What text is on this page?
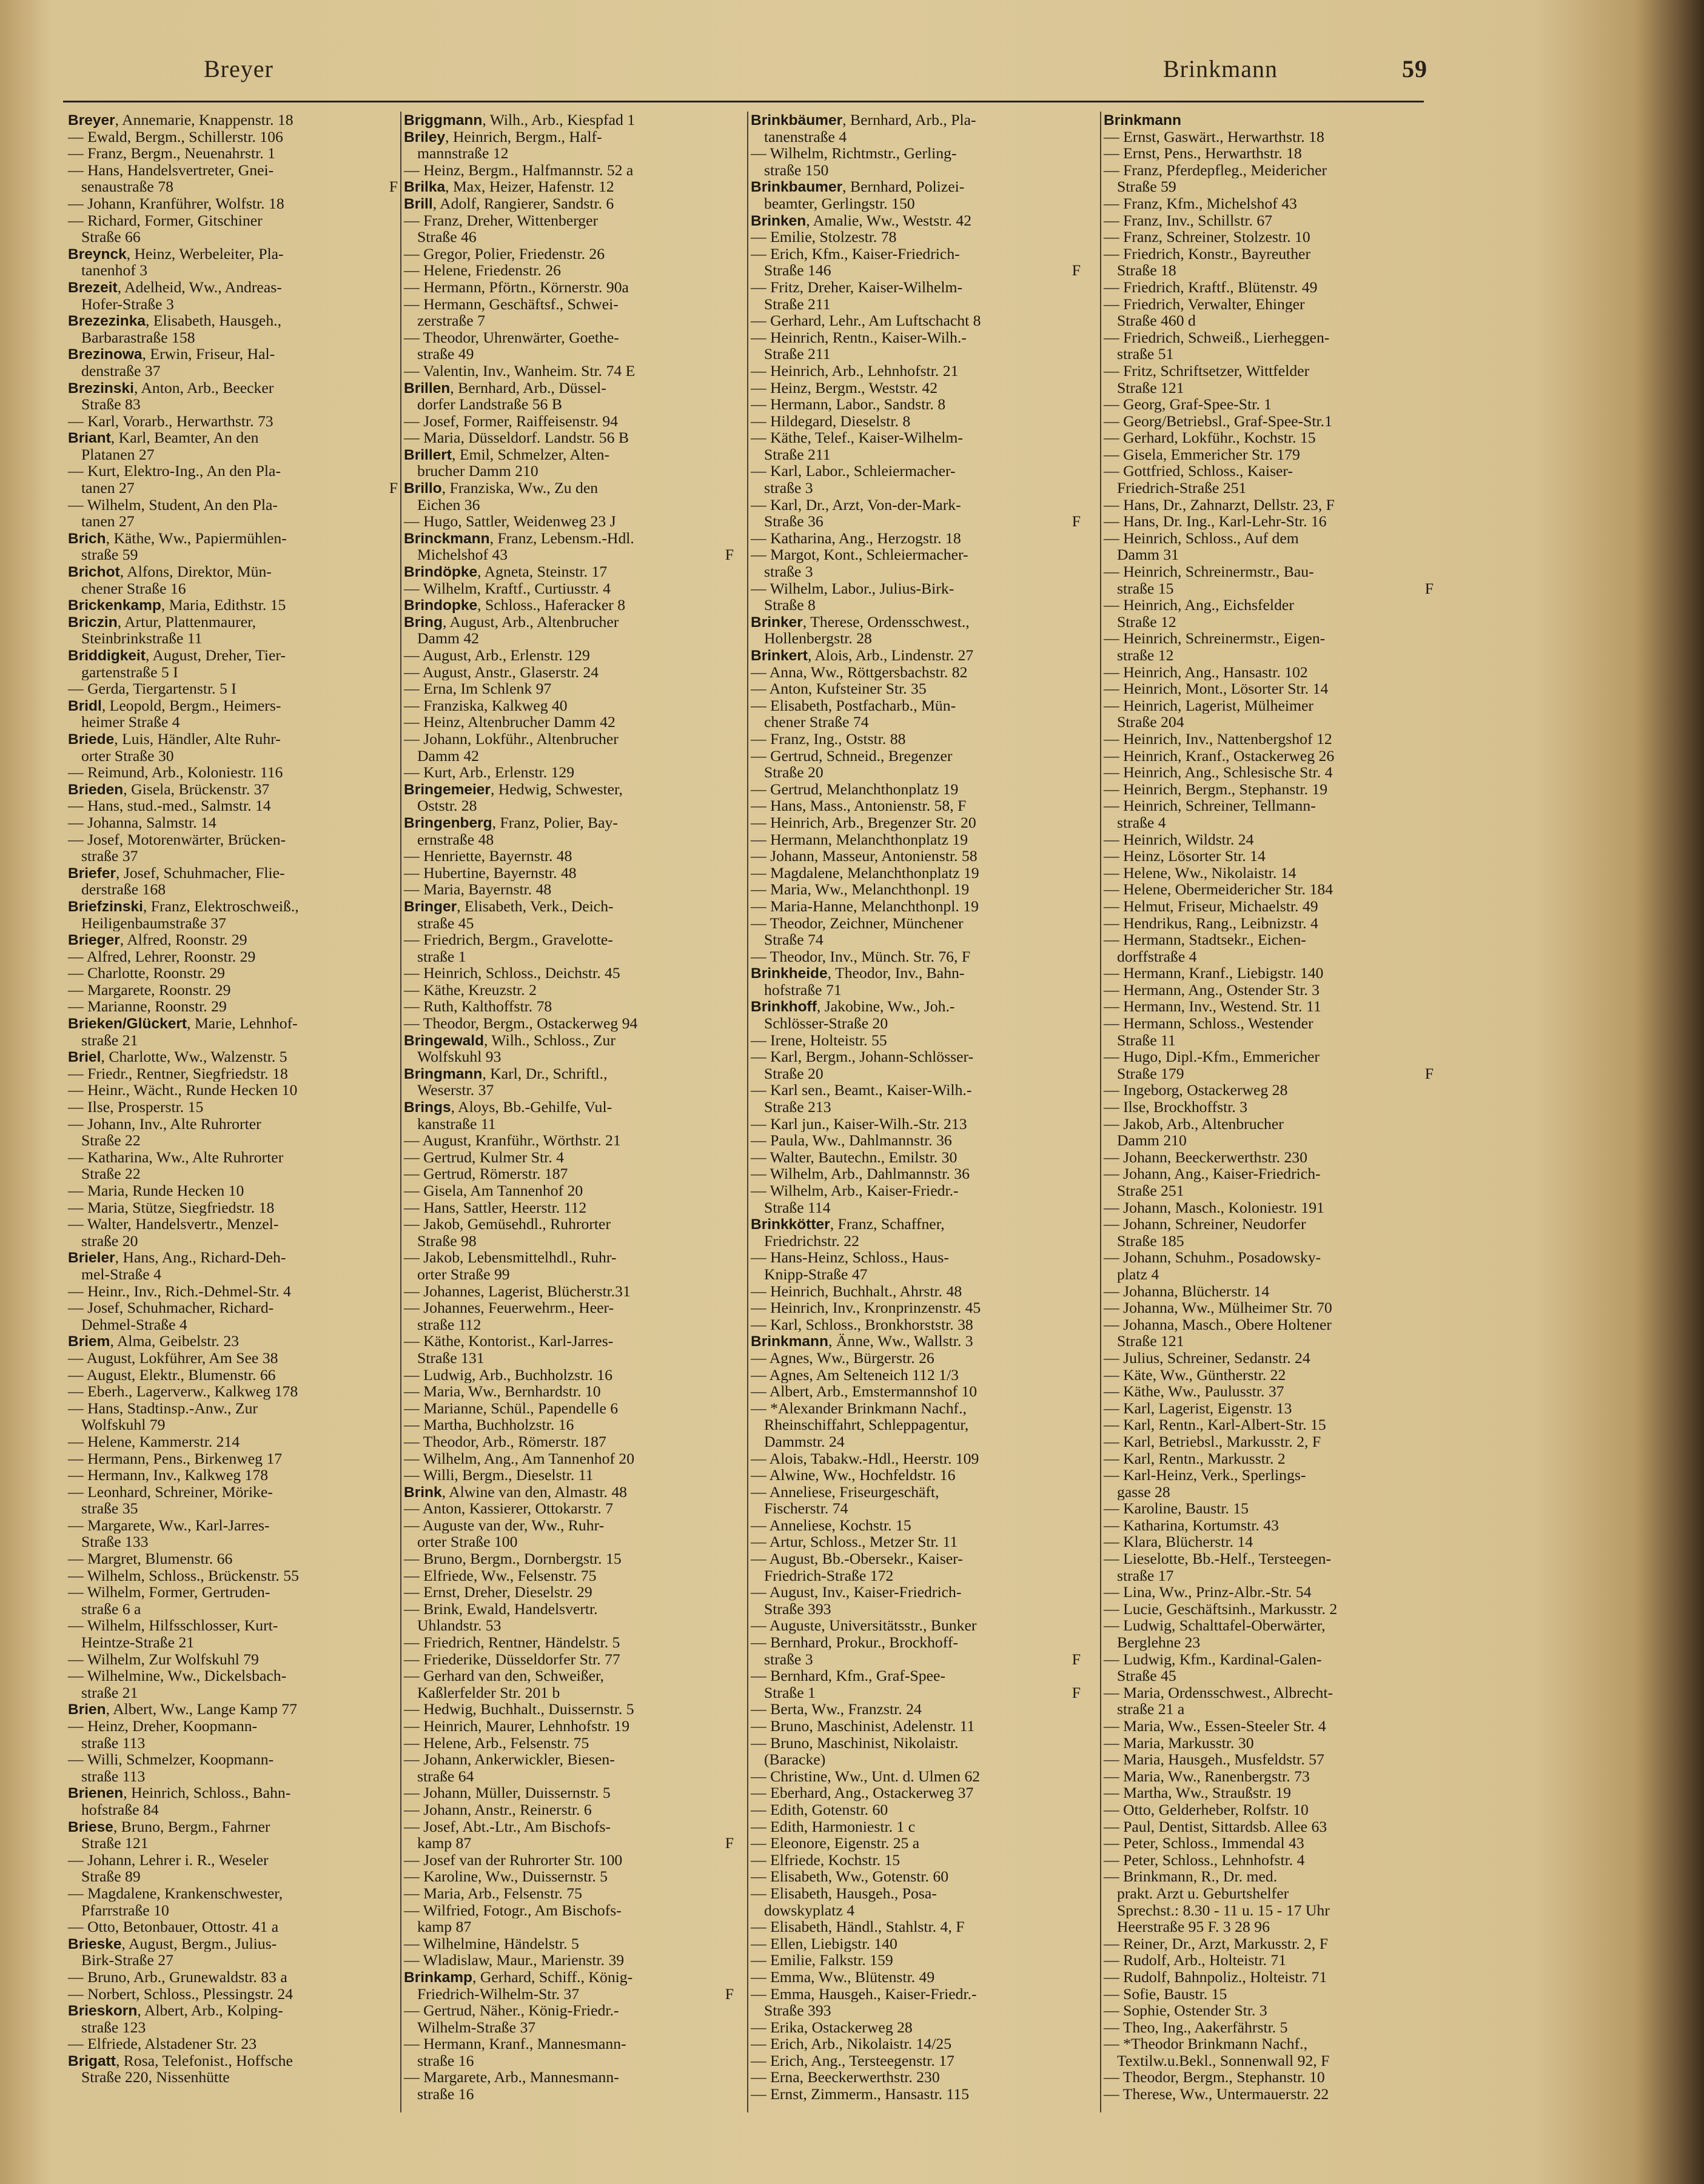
Breyer	Brinkmann	59
Breyer, Annemarie, Knappenstr. 18
— Ewald, Bergm., Schillerstr. 106
— Franz, Bergm., Neuenahrstr. 1
— Hans, Handelsvertreter, Gnei-
senaustraße 78	F
— Johann, Kranführer, Wolfstr. 18
— Richard, Former, Gitschiner
Straße 66
Breynck, Heinz, Werbeleiter, Pla-
tanenhof 3
Brezeit, Adelheid, Ww., Andreas-
Hofer-Straße 3
Brezezinka, Elisabeth, Hausgeh.,
Barbarastraße 158
Brezinowa, Erwin, Friseur, Hal-
denstraße 37
Brezinski, Anton, Arb., Beecker
Straße 83
— Karl, Vorarb., Herwarthstr. 73
Briant, Karl, Beamter, An den
Platanen 27
— Kurt, Elektro-Ing., An den Pla-
tanen 27	F
— Wilhelm, Student, An den Pla-
tanen 27
Brich, Käthe, Ww., Papiermühlen-
straße 59
Brichot, Alfons, Direktor, Mün-
chener Straße 16
Brickenkamp, Maria, Edithstr. 15
Briczin, Artur, Plattenmaurer,
Steinbrinkstraße 11
Briddigkeit, August, Dreher, Tier-
gartenstraße 5 I
— Gerda, Tiergartenstr. 5 I
Bridl, Leopold, Bergm., Heimers-
heimer Straße 4
Briede, Luis, Händler, Alte Ruhr-
orter Straße 30
— Reimund, Arb., Koloniestr. 116
Brieden, Gisela, Brückenstr. 37
— Hans, stud.-med., Salmstr. 14
— Johanna, Salmstr. 14
— Josef, Motorenwärter, Brücken-
straße 37
Briefer, Josef, Schuhmacher, Flie-
derstraße 168
Briefzinski, Franz, Elektroschweiß.,
Heiligenbaumstraße 37
Brieger, Alfred, Roonstr. 29
— Alfred, Lehrer, Roonstr. 29
— Charlotte, Roonstr. 29
— Margarete, Roonstr. 29
— Marianne, Roonstr. 29
Brieken/Glückert, Marie, Lehnhof-
straße 21
Briel, Charlotte, Ww., Walzenstr. 5
— Friedr., Rentner, Siegfriedstr. 18
— Heinr., Wächt., Runde Hecken 10
— Ilse, Prosperstr. 15
— Johann, Inv., Alte Ruhrorter
Straße 22
— Katharina, Ww., Alte Ruhrorter
Straße 22
— Maria, Runde Hecken 10
— Maria, Stütze, Siegfriedstr. 18
— Walter, Handelsvertr., Menzel-
straße 20
Brieler, Hans, Ang., Richard-Deh-
mel-Straße 4
— Heinr., Inv., Rich.-Dehmel-Str. 4
— Josef, Schuhmacher, Richard-
Dehmel-Straße 4
Briem, Alma, Geibelstr. 23
— August, Lokführer, Am See 38
— August, Elektr., Blumenstr. 66
— Eberh., Lagerverw., Kalkweg 178
— Hans, Stadtinsp.-Anw., Zur
Wolfskuhl 79
— Helene, Kammerstr. 214
— Hermann, Pens., Birkenweg 17
— Hermann, Inv., Kalkweg 178
— Leonhard, Schreiner, Mörike-
straße 35
— Margarete, Ww., Karl-Jarres-
Straße 133
— Margret, Blumenstr. 66
— Wilhelm, Schloss., Brückenstr. 55
— Wilhelm, Former, Gertruden-
straße 6 a
— Wilhelm, Hilfsschlosser, Kurt-
Heintze-Straße 21
— Wilhelm, Zur Wolfskuhl 79
— Wilhelmine, Ww., Dickelsbach-
straße 21
Brien, Albert, Ww., Lange Kamp 77
— Heinz, Dreher, Koopmann-
straße 113
— Willi, Schmelzer, Koopmann-
straße 113
Brienen, Heinrich, Schloss., Bahn-
hofstraße 84
Briese, Bruno, Bergm., Fahrner
Straße 121
— Johann, Lehrer i. R., Weseler
Straße 89
— Magdalene, Krankenschwester,
Pfarrstraße 10
— Otto, Betonbauer, Ottostr. 41 a
Brieske, August, Bergm., Julius-
Birk-Straße 27
— Bruno, Arb., Grunewaldstr. 83 a
— Norbert, Schloss., Plessingstr. 24
Brieskorn, Albert, Arb., Kolping-
straße 123
— Elfriede, Alstadener Str. 23
Brigatt, Rosa, Telefonist., Hoffsche
Straße 220, Nissenhütte
Briggmann, Wilh., Arb., Kiespfad 1
Briley, Heinrich, Bergm., Half-
mannstraße 12
— Heinz, Bergm., Halfmannstr. 52 a
Brilka, Max, Heizer, Hafenstr. 12
Brill, Adolf, Rangierer, Sandstr. 6
— Franz, Dreher, Wittenberger
Straße 46
— Gregor, Polier, Friedenstr. 26
— Helene, Friedenstr. 26
— Hermann, Pförtn., Körnerstr. 90a
— Hermann, Geschäftsf., Schwei-
zerstraße 7
— Theodor, Uhrenwärter, Goethe-
straße 49
— Valentin, Inv., Wanheim. Str. 74 E
Brillen, Bernhard, Arb., Düssel-
dorfer Landstraße 56 B
— Josef, Former, Raiffeisenstr. 94
— Maria, Düsseldorf. Landstr. 56 B
Brillert, Emil, Schmelzer, Alten-
brucher Damm 210
Brillo, Franziska, Ww., Zu den
Eichen 36
— Hugo, Sattler, Weidenweg 23 J
Brinckmann, Franz, Lebensm.-Hdl.
Michelshof 43	F
Brindöpke, Agneta, Steinstr. 17
— Wilhelm, Kraftf., Curtiusstr. 4
Brindopke, Schloss., Haferacker 8
Bring, August, Arb., Altenbrucher
Damm 42
— August, Arb., Erlenstr. 129
— August, Anstr., Glaserstr. 24
— Erna, Im Schlenk 97
— Franziska, Kalkweg 40
— Heinz, Altenbrucher Damm 42
— Johann, Lokführ., Altenbrucher
Damm 42
— Kurt, Arb., Erlenstr. 129
Bringemeier, Hedwig, Schwester,
Oststr. 28
Bringenberg, Franz, Polier, Bay-
ernstraße 48
— Henriette, Bayernstr. 48
— Hubertine, Bayernstr. 48
— Maria, Bayernstr. 48
Bringer, Elisabeth, Verk., Deich-
straße 45
— Friedrich, Bergm., Gravelotte-
straße 1
— Heinrich, Schloss., Deichstr. 45
— Käthe, Kreuzstr. 2
— Ruth, Kalthoffstr. 78
— Theodor, Bergm., Ostackerweg 94
Bringewald, Wilh., Schloss., Zur
Wolfskuhl 93
Bringmann, Karl, Dr., Schriftl.,
Weserstr. 37
Brings, Aloys, Bb.-Gehilfe, Vul-
kanstraße 11
— August, Kranführ., Wörthstr. 21
— Gertrud, Kulmer Str. 4
— Gertrud, Römerstr. 187
— Gisela, Am Tannenhof 20
— Hans, Sattler, Heerstr. 112
— Jakob, Gemüsehdl., Ruhrorter
Straße 98
— Jakob, Lebensmittelhdl., Ruhr-
orter Straße 99
— Johannes, Lagerist, Blücherstr.31
— Johannes, Feuerwehrm., Heer-
straße 112
— Käthe, Kontorist., Karl-Jarres-
Straße 131
— Ludwig, Arb., Buchholzstr. 16
— Maria, Ww., Bernhardstr. 10
— Marianne, Schül., Papendelle 6
— Martha, Buchholzstr. 16
— Theodor, Arb., Römerstr. 187
— Wilhelm, Ang., Am Tannenhof 20
— Willi, Bergm., Dieselstr. 11
Brink, Alwine van den, Almastr. 48
— Anton, Kassierer, Ottokarstr. 7
— Auguste van der, Ww., Ruhr-
orter Straße 100
— Bruno, Bergm., Dornbergstr. 15
— Elfriede, Ww., Felsenstr. 75
— Ernst, Dreher, Dieselstr. 29
— Brink, Ewald, Handelsvertr.
Uhlandstr. 53
— Friedrich, Rentner, Händelstr. 5
— Friederike, Düsseldorfer Str. 77
— Gerhard van den, Schweißer,
Kaßlerfelder Str. 201 b
— Hedwig, Buchhalt., Duissernstr. 5
— Heinrich, Maurer, Lehnhofstr. 19
— Helene, Arb., Felsenstr. 75
— Johann, Ankerwickler, Biesen-
straße 64
— Johann, Müller, Duissernstr. 5
— Johann, Anstr., Reinerstr. 6
— Josef, Abt.-Ltr., Am Bischofs-
kamp 87	F
— Josef van der Ruhrorter Str. 100
— Karoline, Ww., Duissernstr. 5
— Maria, Arb., Felsenstr. 75
— Wilfried, Fotogr., Am Bischofs-
kamp 87
— Wilhelmine, Händelstr. 5
— Wladislaw, Maur., Marienstr. 39
Brinkamp, Gerhard, Schiff., König-
Friedrich-Wilhelm-Str. 37	F
— Gertrud, Näher., König-Friedr.-
Wilhelm-Straße 37
— Hermann, Kranf., Mannesmann-
straße 16
— Margarete, Arb., Mannesmann-
straße 16
Brinkbäumer, Bernhard, Arb., Pla-
tanenstraße 4
— Wilhelm, Richtmstr., Gerling-
straße 150
Brinkbaumer, Bernhard, Polizei-
beamter, Gerlingstr. 150
Brinken, Amalie, Ww., Weststr. 42
— Emilie, Stolzestr. 78
— Erich, Kfm., Kaiser-Friedrich-
Straße 146	F
— Fritz, Dreher, Kaiser-Wilhelm-
Straße 211
— Gerhard, Lehr., Am Luftschacht 8
— Heinrich, Rentn., Kaiser-Wilh.-
Straße 211
— Heinrich, Arb., Lehnhofstr. 21
— Heinz, Bergm., Weststr. 42
— Hermann, Labor., Sandstr. 8
— Hildegard, Dieselstr. 8
— Käthe, Telef., Kaiser-Wilhelm-
Straße 211
— Karl, Labor., Schleiermacher-
straße 3
— Karl, Dr., Arzt, Von-der-Mark-
Straße 36	F
— Katharina, Ang., Herzogstr. 18
— Margot, Kont., Schleiermacher-
straße 3
— Wilhelm, Labor., Julius-Birk-
Straße 8
Brinker, Therese, Ordensschwest.,
Hollenbergstr. 28
Brinkert, Alois, Arb., Lindenstr. 27
— Anna, Ww., Röttgersbachstr. 82
— Anton, Kufsteiner Str. 35
— Elisabeth, Postfacharb., Mün-
chener Straße 74
— Franz, Ing., Oststr. 88
— Gertrud, Schneid., Bregenzer
Straße 20
— Gertrud, Melanchthonplatz 19
— Hans, Mass., Antonienstr. 58, F
— Heinrich, Arb., Bregenzer Str. 20
— Hermann, Melanchthonplatz 19
— Johann, Masseur, Antonienstr. 58
— Magdalene, Melanchthonplatz 19
— Maria, Ww., Melanchthonpl. 19
— Maria-Hanne, Melanchthonpl. 19
— Theodor, Zeichner, Münchener
Straße 74
— Theodor, Inv., Münch. Str. 76, F
Brinkheide, Theodor, Inv., Bahn-
hofstraße 71
Brinkhoff, Jakobine, Ww., Joh.-
Schlösser-Straße 20
— Irene, Holteistr. 55
— Karl, Bergm., Johann-Schlösser-
Straße 20
— Karl sen., Beamt., Kaiser-Wilh.-
Straße 213
— Karl jun., Kaiser-Wilh.-Str. 213
— Paula, Ww., Dahlmannstr. 36
— Walter, Bautechn., Emilstr. 30
— Wilhelm, Arb., Dahlmannstr. 36
— Wilhelm, Arb., Kaiser-Friedr.-
Straße 114
Brinkkötter, Franz, Schaffner,
Friedrichstr. 22
— Hans-Heinz, Schloss., Haus-
Knipp-Straße 47
— Heinrich, Buchhalt., Ahrstr. 48
— Heinrich, Inv., Kronprinzenstr. 45
— Karl, Schloss., Bronkhorststr. 38
Brinkmann, Änne, Ww., Wallstr. 3
— Agnes, Ww., Bürgerstr. 26
— Agnes, Am Selteneich 112 1/3
— Albert, Arb., Emstermannshof 10
— *Alexander Brinkmann Nachf.,
Rheinschiffahrt, Schleppagentur,
Dammstr. 24
— Alois, Tabakw.-Hdl., Heerstr. 109
— Alwine, Ww., Hochfeldstr. 16
— Anneliese, Friseurgeschäft,
Fischerstr. 74
— Anneliese, Kochstr. 15
— Artur, Schloss., Metzer Str. 11
— August, Bb.-Obersekr., Kaiser-
Friedrich-Straße 172
— August, Inv., Kaiser-Friedrich-
Straße 393
— Auguste, Universitätsstr., Bunker
— Bernhard, Prokur., Brockhoff-
straße 3	F
— Bernhard, Kfm., Graf-Spee-
Straße 1	F
— Berta, Ww., Franzstr. 24
— Bruno, Maschinist, Adelenstr. 11
— Bruno, Maschinist, Nikolaistr.
(Baracke)
— Christine, Ww., Unt. d. Ulmen 62
— Eberhard, Ang., Ostackerweg 37
— Edith, Gotenstr. 60
— Edith, Harmoniestr. 1 c
— Eleonore, Eigenstr. 25 a
— Elfriede, Kochstr. 15
— Elisabeth, Ww., Gotenstr. 60
— Elisabeth, Hausgeh., Posa-
dowskyplatz 4
— Elisabeth, Händl., Stahlstr. 4, F
— Ellen, Liebigstr. 140
— Emilie, Falkstr. 159
— Emma, Ww., Blütenstr. 49
— Emma, Hausgeh., Kaiser-Friedr.-
Straße 393
— Erika, Ostackerweg 28
— Erich, Arb., Nikolaistr. 14/25
— Erich, Ang., Tersteegenstr. 17
— Erna, Beeckerwerthstr. 230
— Ernst, Zimmerm., Hansastr. 115
Brinkmann
— Ernst, Gaswärt., Herwarthstr. 18
— Ernst, Pens., Herwarthstr. 18
— Franz, Pferdepfleg., Meidericher
Straße 59
— Franz, Kfm., Michelshof 43
— Franz, Inv., Schillstr. 67
— Franz, Schreiner, Stolzestr. 10
— Friedrich, Konstr., Bayreuther
Straße 18
— Friedrich, Kraftf., Blütenstr. 49
— Friedrich, Verwalter, Ehinger
Straße 460 d
— Friedrich, Schweiß., Lierheggen-
straße 51
— Fritz, Schriftsetzer, Wittfelder
Straße 121
— Georg, Graf-Spee-Str. 1
— Georg/Betriebsl., Graf-Spee-Str.1
— Gerhard, Lokführ., Kochstr. 15
— Gisela, Emmericher Str. 179
— Gottfried, Schloss., Kaiser-
Friedrich-Straße 251
— Hans, Dr., Zahnarzt, Dellstr. 23, F
— Hans, Dr. Ing., Karl-Lehr-Str. 16
— Heinrich, Schloss., Auf dem
Damm 31
— Heinrich, Schreinermstr., Bau-
straße 15	F
— Heinrich, Ang., Eichsfelder
Straße 12
— Heinrich, Schreinermstr., Eigen-
straße 12
— Heinrich, Ang., Hansastr. 102
— Heinrich, Mont., Lösorter Str. 14
— Heinrich, Lagerist, Mülheimer
Straße 204
— Heinrich, Inv., Nattenbergshof 12
— Heinrich, Kranf., Ostackerweg 26
— Heinrich, Ang., Schlesische Str. 4
— Heinrich, Bergm., Stephanstr. 19
— Heinrich, Schreiner, Tellmann-
straße 4
— Heinrich, Wildstr. 24
— Heinz, Lösorter Str. 14
— Helene, Ww., Nikolaistr. 14
— Helene, Obermeidericher Str. 184
— Helmut, Friseur, Michaelstr. 49
— Hendrikus, Rang., Leibnizstr. 4
— Hermann, Stadtsekr., Eichen-
dorffstraße 4
— Hermann, Kranf., Liebigstr. 140
— Hermann, Ang., Ostender Str. 3
— Hermann, Inv., Westend. Str. 11
— Hermann, Schloss., Westender
Straße 11
— Hugo, Dipl.-Kfm., Emmericher
Straße 179	F
— Ingeborg, Ostackerweg 28
— Ilse, Brockhoffstr. 3
— Jakob, Arb., Altenbrucher
Damm 210
— Johann, Beeckerwerthstr. 230
— Johann, Ang., Kaiser-Friedrich-
Straße 251
— Johann, Masch., Koloniestr. 191
— Johann, Schreiner, Neudorfer
Straße 185
— Johann, Schuhm., Posadowsky-
platz 4
— Johanna, Blücherstr. 14
— Johanna, Ww., Mülheimer Str. 70
— Johanna, Masch., Obere Holtener
Straße 121
— Julius, Schreiner, Sedanstr. 24
— Käte, Ww., Güntherstr. 22
— Käthe, Ww., Paulusstr. 37
— Karl, Lagerist, Eigenstr. 13
— Karl, Rentn., Karl-Albert-Str. 15
— Karl, Betriebsl., Markusstr. 2, F
— Karl, Rentn., Markusstr. 2
— Karl-Heinz, Verk., Sperlings-
gasse 28
— Karoline, Baustr. 15
— Katharina, Kortumstr. 43
— Klara, Blücherstr. 14
— Lieselotte, Bb.-Helf., Tersteegen-
straße 17
— Lina, Ww., Prinz-Albr.-Str. 54
— Lucie, Geschäftsinh., Markusstr. 2
— Ludwig, Schalttafel-Oberwärter,
Berglehne 23
— Ludwig, Kfm., Kardinal-Galen-
Straße 45
— Maria, Ordensschwest., Albrecht-
straße 21 a
— Maria, Ww., Essen-Steeler Str. 4
— Maria, Markusstr. 30
— Maria, Hausgeh., Musfeldstr. 57
— Maria, Ww., Ranenbergstr. 73
— Martha, Ww., Straußstr. 19
— Otto, Gelderheber, Rolfstr. 10
— Paul, Dentist, Sittardsb. Allee 63
— Peter, Schloss., Immendal 43
— Peter, Schloss., Lehnhofstr. 4
— Brinkmann, R., Dr. med.
prakt. Arzt u. Geburtshelfer
Sprechst.: 8.30 - 11 u. 15 - 17 Uhr
Heerstraße 95 F. 3 28 96
— Reiner, Dr., Arzt, Markusstr. 2, F
— Rudolf, Arb., Holteistr. 71
— Rudolf, Bahnpoliz., Holteistr. 71
— Sofie, Baustr. 15
— Sophie, Ostender Str. 3
— Theo, Ing., Aakerfährstr. 5
— *Theodor Brinkmann Nachf.,
Textilw.u.Bekl., Sonnenwall 92, F
— Theodor, Bergm., Stephanstr. 10
— Therese, Ww., Untermauerstr. 22
